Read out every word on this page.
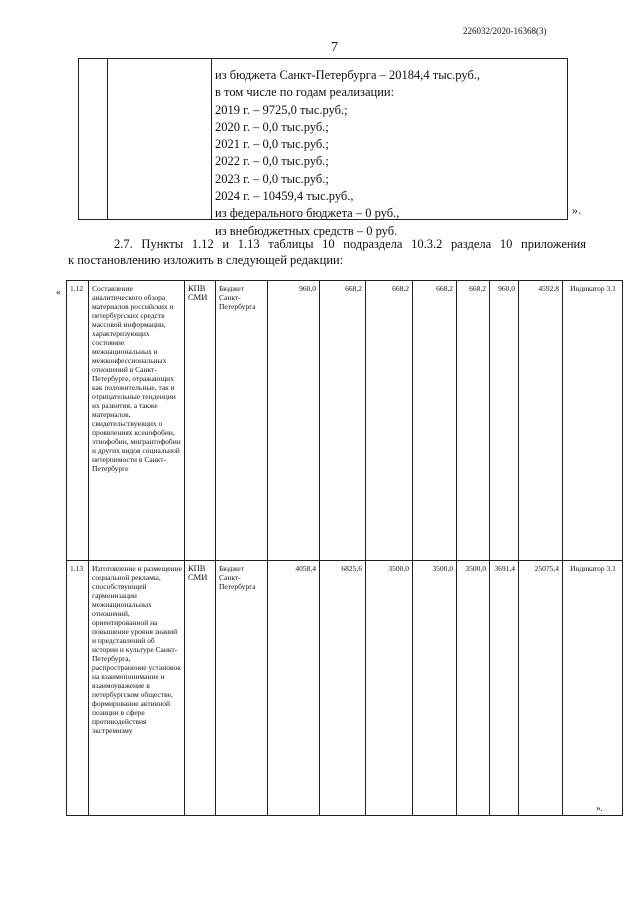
226032/2020-16368(3)
7
из бюджета Санкт-Петербурга – 20184,4 тыс.руб.,
в том числе по годам реализации:
2019 г. – 9725,0 тыс.руб.;
2020 г. – 0,0 тыс.руб.;
2021 г. – 0,0 тыс.руб.;
2022 г. – 0,0 тыс.руб.;
2023 г. – 0,0 тыс.руб.;
2024 г. – 10459,4 тыс.руб.,
из федерального бюджета – 0 руб.,
из внебюджетных средств – 0 руб.
».
2.7. Пункты 1.12 и 1.13 таблицы 10 подраздела 10.3.2 раздела 10 приложения
к постановлению изложить в следующей редакции:
« 1.12	Составление аналитического обзора материалов российских и петербургских средств массовой информации, характеризующих состояние межнациональных и межконфессиональных отношений в Санкт-Петербурге, отражающих как положительные, так и отрицательные тенденции их развития, а также материалов, свидетельствующих о проявлениях ксенофобии, этнофобии, мигрантофобии и других видов социальной нетерпимости в Санкт-Петербурге	КПВ СМИ	Бюджет Санкт-Петербурга	960,0	668,2	668,2	668,2	668,2	960,0	4592,8	Индикатор 3.1
1.13	Изготовление и размещение социальной рекламы, способствующей гармонизации межнациональных отношений, ориентированной на повышение уровня знаний и представлений об истории и культуре Санкт-Петербурга, распространение установок на взаимопонимание и взаимоуважение в петербургском обществе, формирование активной позиции в сфере противодействия экстремизму	КПВ СМИ	Бюджет Санкт-Петербурга	4058,4	6825,6	3500,0	3500,0	3500,0	3691,4	25075,4	Индикатор 3.1
».
